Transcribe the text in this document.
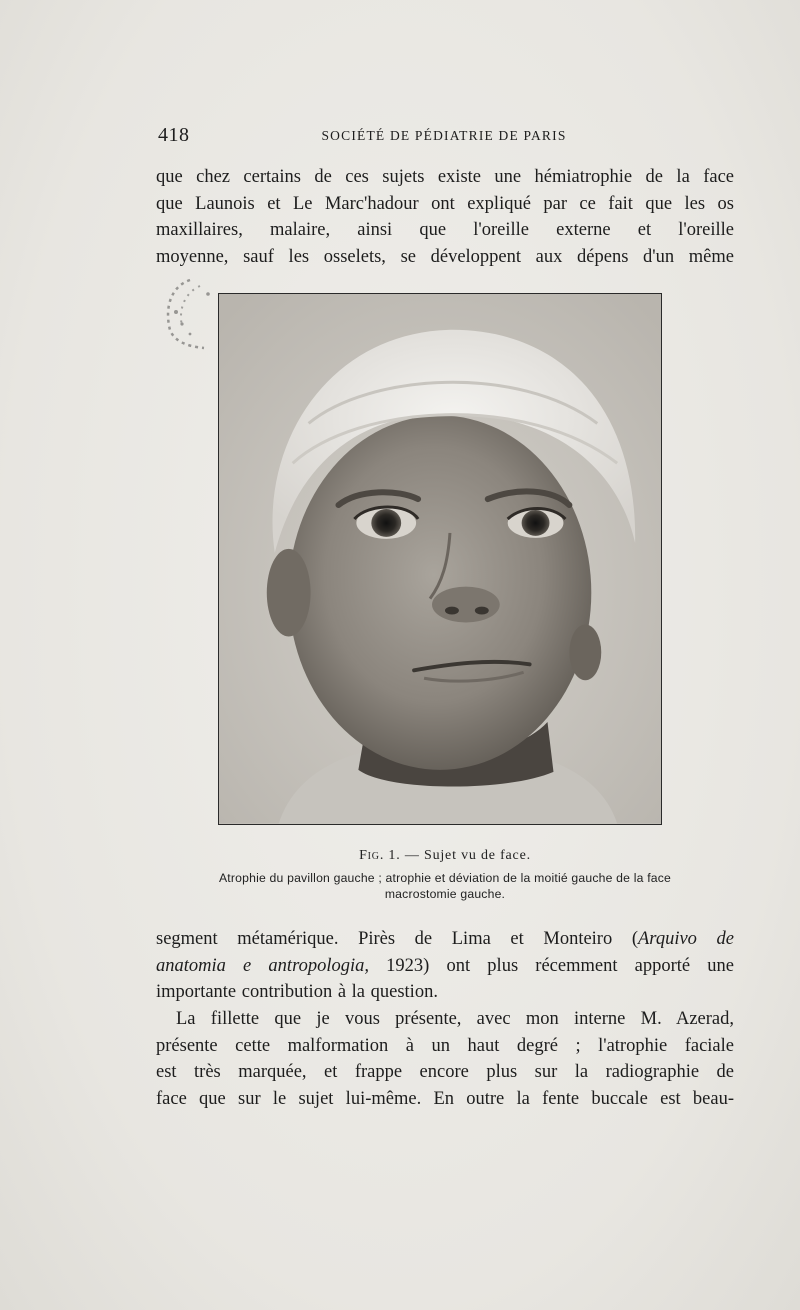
418	SOCIÉTÉ DE PÉDIATRIE DE PARIS
que chez certains de ces sujets existe une hémiatrophie de la face
que Launois et Le Marc'hadour ont expliqué par ce fait que les os
maxillaires, malaire, ainsi que l'oreille externe et l'oreille
moyenne, sauf les osselets, se développent aux dépens d'un même
Fig. 1. — Sujet vu de face.
Atrophie du pavillon gauche ; atrophie et déviation de la moitié gauche de la face
macrostomie gauche.
segment métamérique. Pirès de Lima et Monteiro (Arquivo de
anatomia e antropologia, 1923) ont plus récemment apporté une
importante contribution à la question.
La fillette que je vous présente, avec mon interne M. Azerad,
présente cette malformation à un haut degré ; l'atrophie faciale
est très marquée, et frappe encore plus sur la radiographie de
face que sur le sujet lui-même. En outre la fente buccale est beau-
